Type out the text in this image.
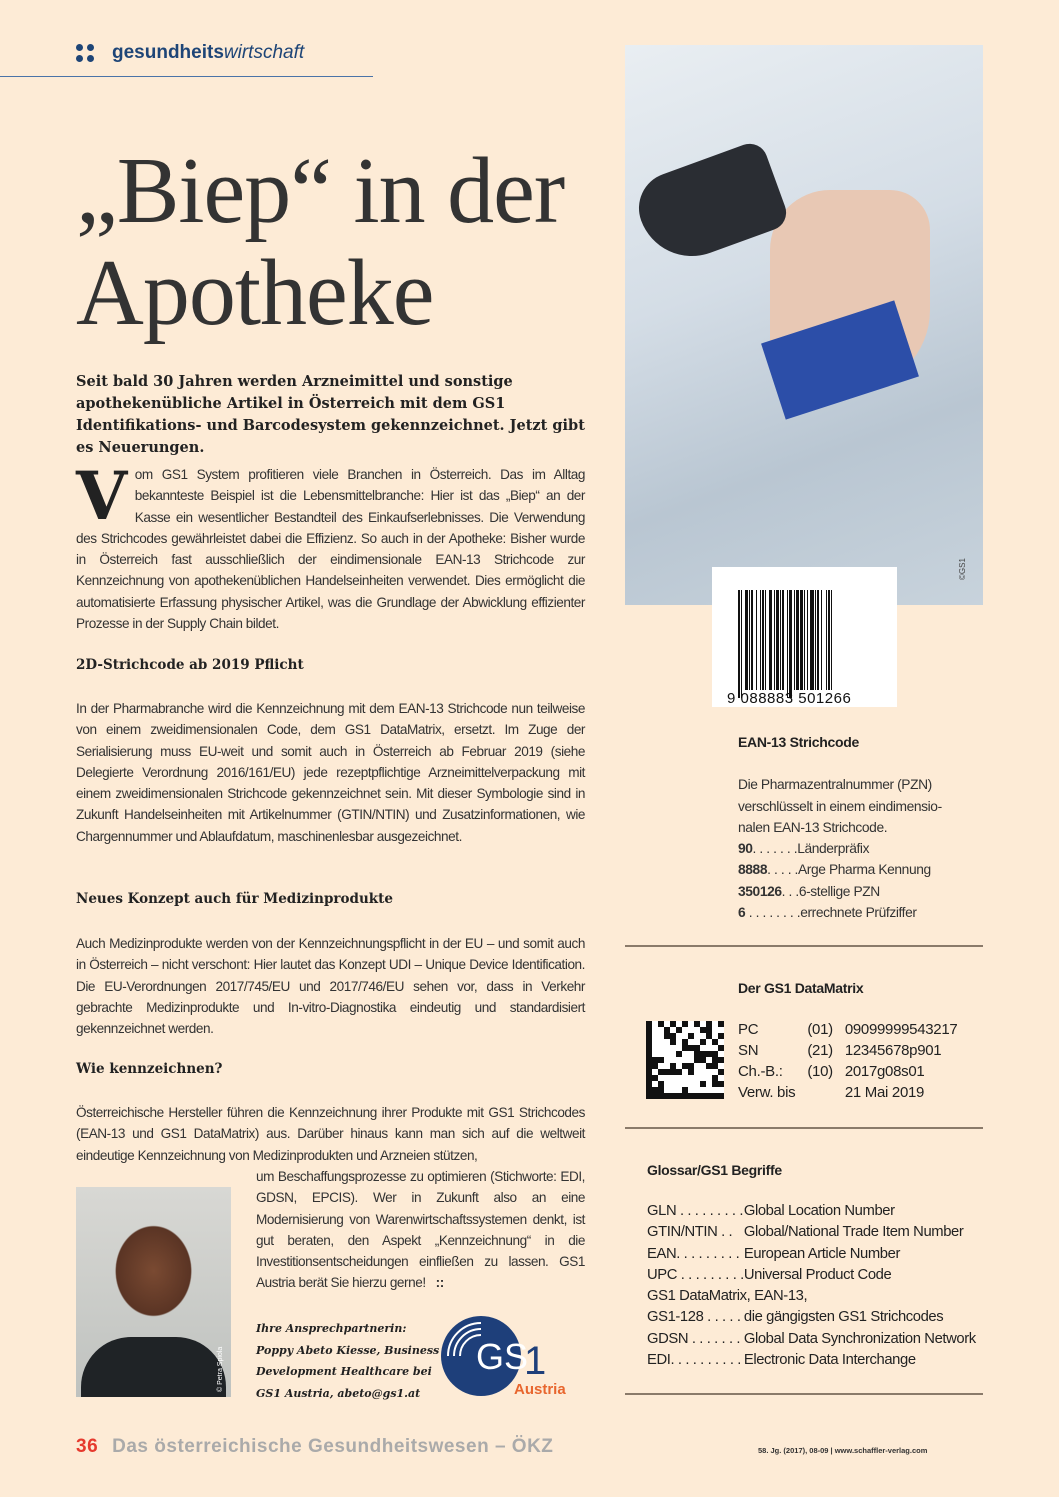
gesundheitswirtschaft
„Biep“ in der
Apotheke
Seit bald 30 Jahren werden Arzneimittel und sonstige apothekenübliche Artikel in Österreich mit dem GS1 Identifikations- und Barcodesystem gekennzeichnet. Jetzt gibt es Neuerungen.
Vom GS1 System profitieren viele Branchen in Österreich. Das im Alltag bekannteste Beispiel ist die Lebensmittelbranche: Hier ist das „Biep“ an der Kasse ein wesentlicher Bestandteil des Einkaufserlebnisses. Die Verwendung des Strichcodes gewährleistet dabei die Effizienz. So auch in der Apotheke: Bisher wurde in Österreich fast ausschließlich der eindimensionale EAN-13 Strichcode zur Kennzeichnung von apothekenüblichen Handelseinheiten verwendet. Dies ermöglicht die automatisierte Erfassung physischer Artikel, was die Grundlage der Abwicklung effizienter Prozesse in der Supply Chain bildet.
2D-Strichcode ab 2019 Pflicht
In der Pharmabranche wird die Kennzeichnung mit dem EAN-13 Strichcode nun teilweise von einem zweidimensionalen Code, dem GS1 DataMatrix, ersetzt. Im Zuge der Serialisierung muss EU-weit und somit auch in Österreich ab Februar 2019 (siehe Delegierte Verordnung 2016/161/EU) jede rezeptpflichtige Arzneimittelverpackung mit einem zweidimensionalen Strichcode gekennzeichnet sein. Mit dieser Symbologie sind in Zukunft Handelseinheiten mit Artikelnummer (GTIN/NTIN) und Zusatzinformationen, wie Chargennummer und Ablaufdatum, maschinenlesbar ausgezeichnet.
Neues Konzept auch für Medizinprodukte
Auch Medizinprodukte werden von der Kennzeichnungspflicht in der EU – und somit auch in Österreich – nicht verschont: Hier lautet das Konzept UDI – Unique Device Identification. Die EU-Verordnungen 2017/745/EU und 2017/746/EU sehen vor, dass in Verkehr gebrachte Medizinprodukte und In-vitro-Diagnostika eindeutig und standardisiert gekennzeichnet werden.
Wie kennzeichnen?
Österreichische Hersteller führen die Kennzeichnung ihrer Produkte mit GS1 Strichcodes (EAN-13 und GS1 DataMatrix) aus. Darüber hinaus kann man sich auf die weltweit eindeutige Kennzeichnung von Medizinprodukten und Arzneien stützen,
um Beschaffungsprozesse zu optimieren (Stichworte: EDI, GDSN, EPCIS). Wer in Zukunft also an eine Modernisierung von Warenwirtschaftssystemen denkt, ist gut beraten, den Aspekt „Kennzeichnung“ in die Investitionsentscheidungen einfließen zu lassen. GS1 Austria berät Sie hierzu gerne! ::
© Petra Spiola
Ihre Ansprechpartnerin:
Poppy Abeto Kiesse, Business
Development Healthcare bei
GS1 Austria, abeto@gs1.at
GS
1
Austria
©GS1
9 088883 501266
EAN-13 Strichcode
Die Pharmazentralnummer (PZN)
verschlüsselt in einem eindimensio-
nalen EAN-13 Strichcode.
90. . . . . . .Länderpräfix
8888. . . . .Arge Pharma Kennung
350126. . .6-stellige PZN
6 . . . . . . . .errechnete Prüfziffer
Der GS1 DataMatrix
PC	(01)	09099999543217
SN	(21)	12345678p901
Ch.-B.:	(10)	2017g08s01
Verw. bis		21 Mai 2019
Glossar/GS1 Begriffe
GLN . . . . . . . . .	Global Location Number
GTIN/NTIN . .	Global/National Trade Item Number
EAN. . . . . . . . .	European Article Number
UPC . . . . . . . . .	Universal Product Code
GS1 DataMatrix, EAN-13,	
GS1-128 . . . . .	die gängigsten GS1 Strichcodes
GDSN . . . . . . .	Global Data Synchronization Network
EDI. . . . . . . . . .	Electronic Data Interchange
36 Das österreichische Gesundheitswesen – ÖKZ	58. Jg. (2017), 08-09 | www.schaffler-verlag.com
